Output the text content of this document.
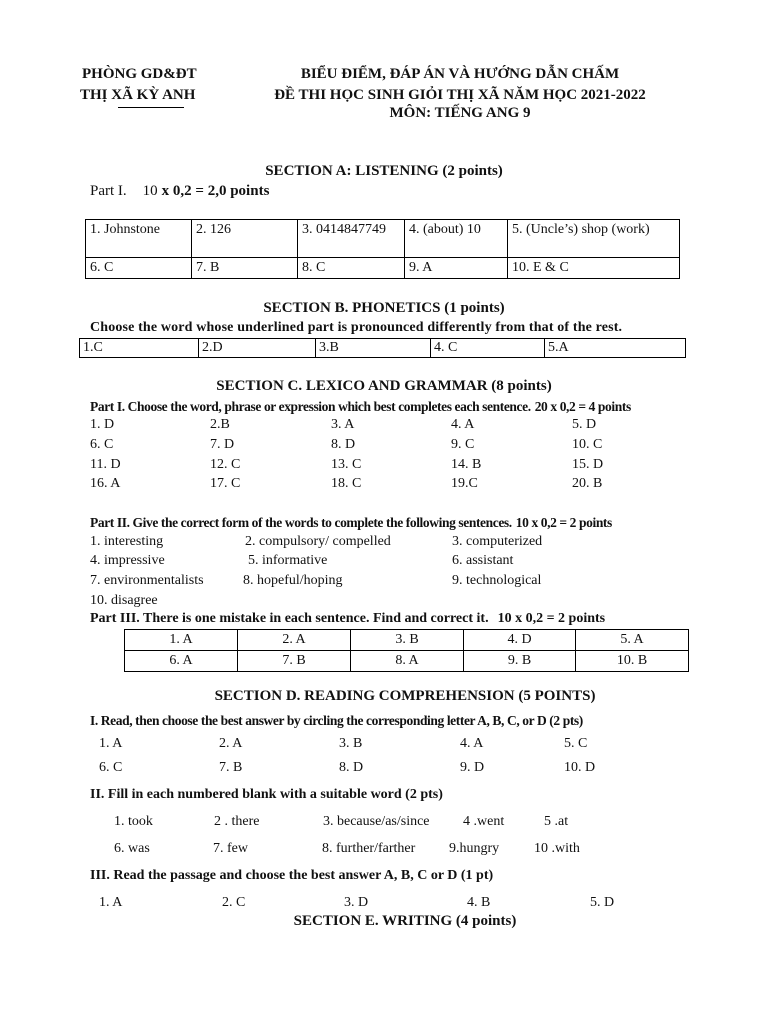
PHÒNG GD&ĐT
THỊ XÃ KỲ ANH
BIỂU ĐIỂM, ĐÁP ÁN VÀ HƯỚNG DẪN CHẤM
ĐỀ THI HỌC SINH GIỎI THỊ XÃ NĂM HỌC 2021-2022
MÔN: TIẾNG ANG 9
SECTION A: LISTENING (2 points)
Part I. 10 x 0,2 = 2,0 points
1. Johnstone	2. 126	3. 0414847749	4. (about) 10	5. (Uncle’s) shop (work)
6. C	7. B	8. C	9. A	10. E & C
SECTION B. PHONETICS (1 points)
Choose the word whose underlined part is pronounced differently from that of the rest.
1.C	2.D	3.B	4. C	5.A
SECTION C. LEXICO AND GRAMMAR (8 points)
Part I. Choose the word, phrase or expression which best completes each sentence. 20 x 0,2 = 4 points
1. D	2.B	3. A	4. A	5. D
6. C	7. D	8. D	9. C	10. C
11. D	12. C	13. C	14. B	15. D
16. A	17. C	18. C	19.C	20. B
Part II. Give the correct form of the words to complete the following sentences. 10 x 0,2 = 2 points
1. interesting	2. compulsory/ compelled	3. computerized
4. impressive	5. informative	6. assistant
7. environmentalists	8. hopeful/hoping	9. technological
10. disagree
Part III. There is one mistake in each sentence. Find and correct it. 10 x 0,2 = 2 points
1. A	2. A	3. B	4. D	5. A
6. A	7. B	8. A	9. B	10. B
SECTION D. READING COMPREHENSION (5 POINTS)
I. Read, then choose the best answer by circling the corresponding letter A, B, C, or D (2 pts)
1. A	2. A	3. B	4. A	5. C
6. C	7. B	8. D	9. D	10. D
II. Fill in each numbered blank with a suitable word (2 pts)
1. took	2 . there	3. because/as/since 4 .went	5 .at
6. was	7. few	8. further/farther 9.hungry 10 .with
III. Read the passage and choose the best answer A, B, C or D (1 pt)
1. A	2. C	3. D	4. B	5. D
SECTION E. WRITING (4 points)
